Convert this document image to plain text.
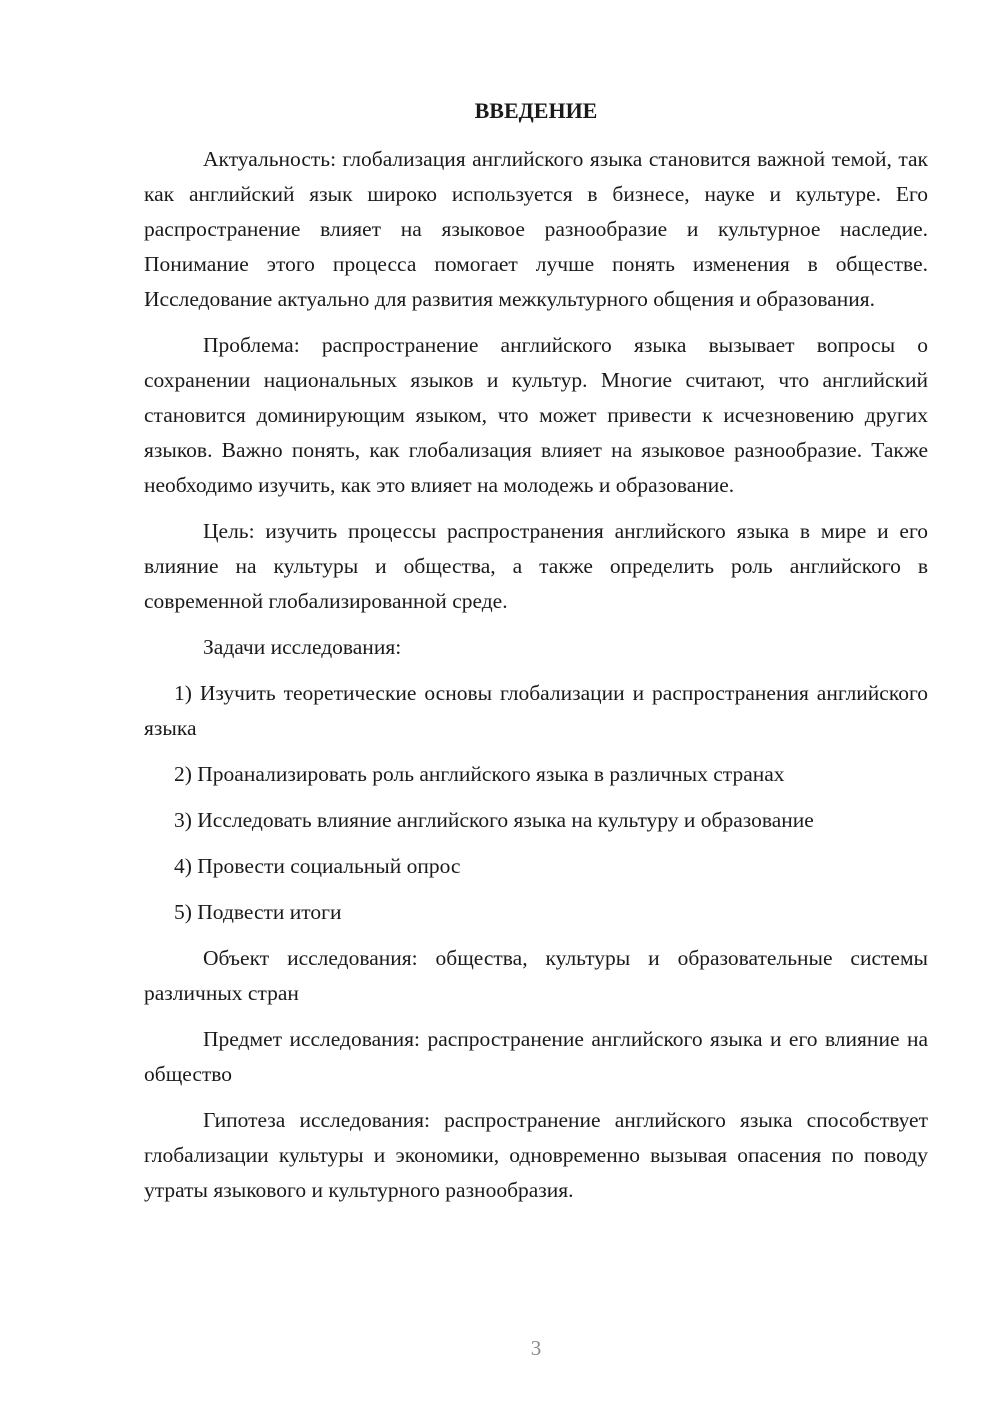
ВВЕДЕНИЕ

Актуальность: глобализация английского языка становится важной темой, так как английский язык широко используется в бизнесе, науке и культуре. Его распространение влияет на языковое разнообразие и культурное наследие. Понимание этого процесса помогает лучше понять изменения в обществе. Исследование актуально для развития межкультурного общения и образования.

Проблема: распространение английского языка вызывает вопросы о сохранении национальных языков и культур. Многие считают, что английский становится доминирующим языком, что может привести к исчезновению других языков. Важно понять, как глобализация влияет на языковое разнообразие. Также необходимо изучить, как это влияет на молодежь и образование.

Цель: изучить процессы распространения английского языка в мире и его влияние на культуры и общества, а также определить роль английского в современной глобализированной среде.

Задачи исследования:

1) Изучить теоретические основы глобализации и распространения английского языка

2) Проанализировать роль английского языка в различных странах

3) Исследовать влияние английского языка на культуру и образование

4) Провести социальный опрос

5) Подвести итоги

Объект исследования: общества, культуры и образовательные системы различных стран

Предмет исследования: распространение английского языка и его влияние на общество

Гипотеза исследования: распространение английского языка способствует глобализации культуры и экономики, одновременно вызывая опасения по поводу утраты языкового и культурного разнообразия.

3
